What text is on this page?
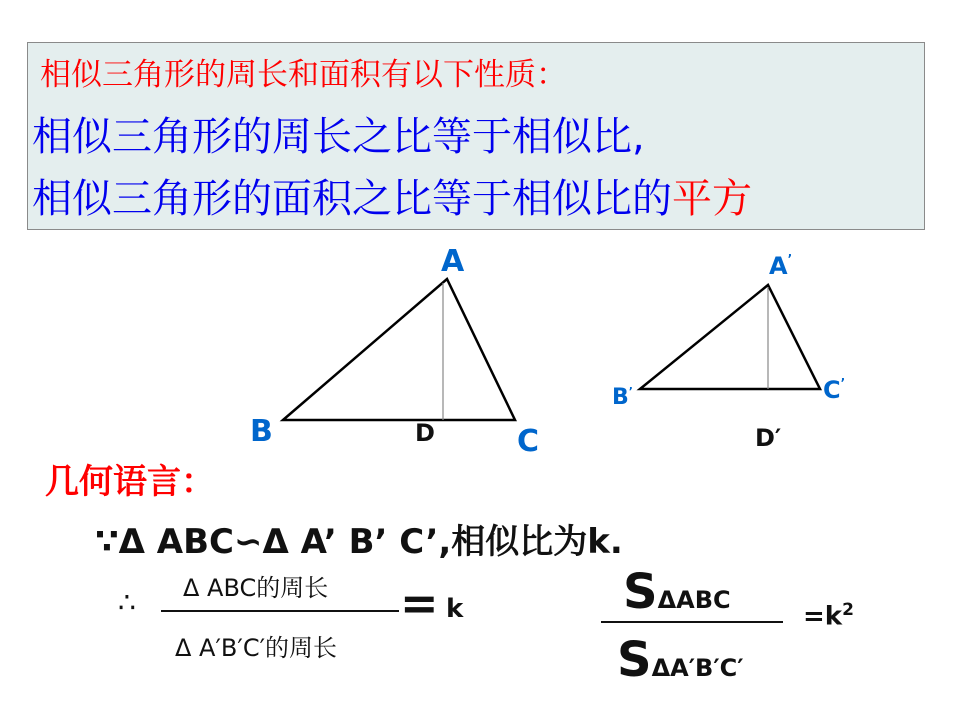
相似三角形的周长和面积有以下性质：
相似三角形的周长之比等于相似比,
相似三角形的面积之比等于相似比的平方
A
B	C
D
A’
B’	C’
D′
几何语言：
∵Δ ABC∽Δ A’ B’ C’,相似比为k.
∴ Δ ABC的周长
Δ A′B′C′的周长
= k	SΔABC
SΔA′B′C′
$=k^2$
